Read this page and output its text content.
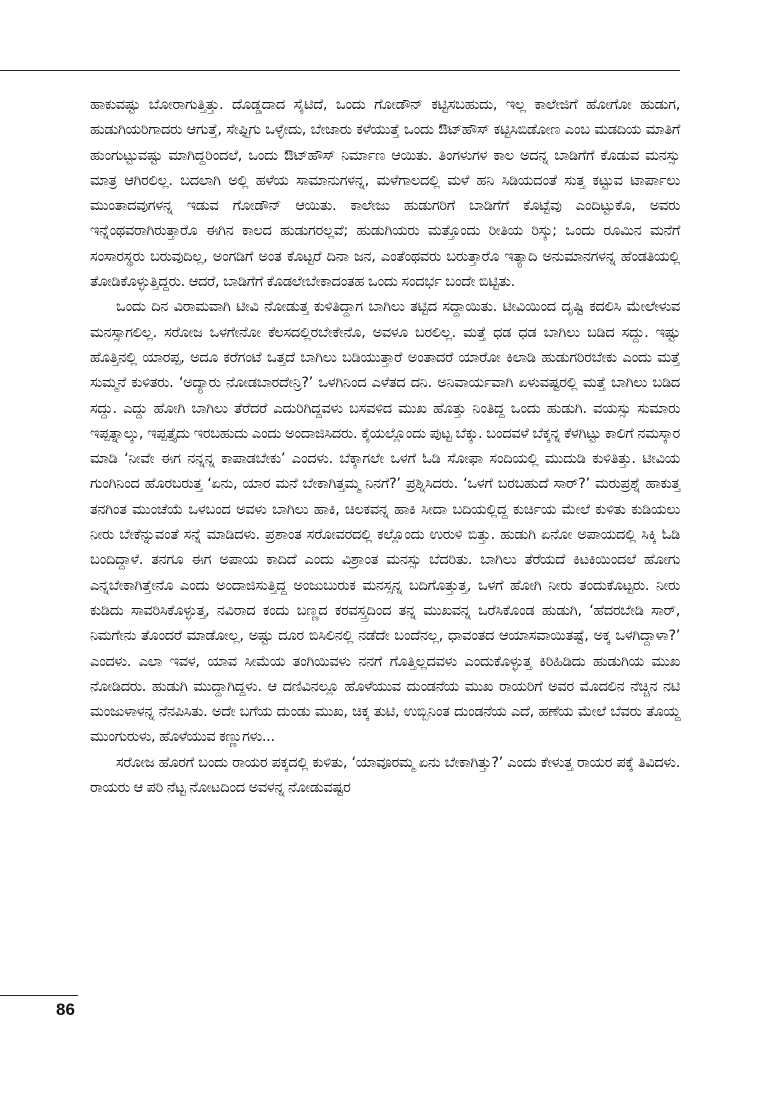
ಹಾಕುವಷ್ಟು ಬೋರಾಗುತ್ತಿತ್ತು. ದೊಡ್ಡದಾದ ಸೈಟಿದೆ, ಒಂದು ಗೋಡೌನ್ ಕಟ್ಟಿಸಬಹುದು, ಇಲ್ಲ ಕಾಲೇಜಿಗೆ ಹೋಗೋ ಹುಡುಗ, ಹುಡುಗಿಯರಿಗಾದರು ಆಗುತ್ತೆ, ಸೇಫ್ಟಿಗು ಒಳ್ಳೇದು, ಬೇಜಾರು ಕಳೆಯುತ್ತೆ ಒಂದು ಔಟ್‌ಹೌಸ್ ಕಟ್ಟಿಸಿಬಿಡೋಣ ಎಂಬ ಮಡದಿಯ ಮಾತಿಗೆ ಹುಂಗುಟ್ಟುವಷ್ಟು ಮಾಗಿದ್ದರಿಂದಲೆ, ಒಂದು ಔಟ್‌ಹೌಸ್ ನಿರ್ಮಾಣ ಆಯಿತು. ತಿಂಗಳುಗಳ ಕಾಲ ಅದನ್ನ ಬಾಡಿಗೆಗೆ ಕೊಡುವ ಮನಸ್ಸು ಮಾತ್ರ ಆಗಿರಲಿಲ್ಲ. ಬದಲಾಗಿ ಅಲ್ಲಿ ಹಳೆಯ ಸಾಮಾನುಗಳನ್ನ, ಮಳೆಗಾಲದಲ್ಲಿ ಮಳೆ ಹನಿ ಸಿಡಿಯದಂತೆ ಸುತ್ತ ಕಟ್ಟುವ ಟಾರ್ಪಾಲು ಮುಂತಾದವುಗಳನ್ನ ಇಡುವ ಗೋಡೌನ್ ಆಯಿತು. ಕಾಲೇಜು ಹುಡುಗರಿಗೆ ಬಾಡಿಗೆಗೆ ಕೊಟ್ಟೆವು ಎಂದಿಟ್ಟುಕೊ, ಅವರು ಇನ್ನೆಂಥವರಾಗಿರುತ್ತಾರೊ ಈಗಿನ ಕಾಲದ ಹುಡುಗರಲ್ಲವೆ; ಹುಡುಗಿಯರು ಮತ್ತೊಂದು ರೀತಿಯ ರಿಸ್ಕು; ಒಂದು ರೂಮಿನ ಮನೆಗೆ ಸಂಸಾರಸ್ಥರು ಬರುವುದಿಲ್ಲ, ಅಂಗಡಿಗೆ ಅಂತ ಕೊಟ್ಟರೆ ದಿನಾ ಜನ, ಎಂತೆಂಥವರು ಬರುತ್ತಾರೊ ಇತ್ಯಾದಿ ಅನುಮಾನಗಳನ್ನ ಹೆಂಡತಿಯಲ್ಲಿ ತೋಡಿಕೊಳ್ಳುತ್ತಿದ್ದರು. ಆದರೆ, ಬಾಡಿಗೆಗೆ ಕೊಡಲೇಬೇಕಾದಂತಹ ಒಂದು ಸಂದರ್ಭ ಬಂದೇ ಬಿಟ್ಟಿತು.

ಒಂದು ದಿನ ವಿರಾಮವಾಗಿ ಟೀವಿ ನೋಡುತ್ತ ಕುಳಿತಿದ್ದಾಗ ಬಾಗಿಲು ತಟ್ಟಿದ ಸದ್ದಾಯಿತು. ಟೀವಿಯಿಂದ ದೃಷ್ಟಿ ಕದಲಿಸಿ ಮೇಲೇಳುವ ಮನಸ್ಸಾಗಲಿಲ್ಲ. ಸರೋಜ ಒಳಗೇನೋ ಕೆಲಸದಲ್ಲಿರಬೇಕೇನೊ, ಅವಳೂ ಬರಲಿಲ್ಲ. ಮತ್ತೆ ಧಡ ಧಡ ಬಾಗಿಲು ಬಡಿದ ಸದ್ದು. ಇಷ್ಟು ಹೊತ್ತಿನಲ್ಲಿ ಯಾರಪ್ಪ, ಅದೂ ಕರೆಗಂಟೆ ಒತ್ತದೆ ಬಾಗಿಲು ಬಡಿಯುತ್ತಾರೆ ಅಂತಾದರೆ ಯಾರೋ ಕಿಲಾಡಿ ಹುಡುಗರಿರಬೇಕು ಎಂದು ಮತ್ತೆ ಸುಮ್ಮನೆ ಕುಳಿತರು. ‘ಅದ್ಯಾರು ನೋಡಬಾರದೇನ್ರಿ?’ ಒಳಗಿನಿಂದ ಎಳೆತದ ದನಿ. ಅನಿವಾರ್ಯವಾಗಿ ಏಳುವಷ್ಟರಲ್ಲಿ ಮತ್ತೆ ಬಾಗಿಲು ಬಡಿದ ಸದ್ದು. ಎದ್ದು ಹೋಗಿ ಬಾಗಿಲು ತೆರೆದರೆ ಎದುರಿಗಿದ್ದವಳು ಬಸವಳಿದ ಮುಖ ಹೊತ್ತು ನಿಂತಿದ್ದ ಒಂದು ಹುಡುಗಿ. ವಯಸ್ಸು ಸುಮಾರು ಇಪ್ಪತ್ನಾಲ್ಕು, ಇಪ್ಪತ್ತೈದು ಇರಬಹುದು ಎಂದು ಅಂದಾಜಿಸಿದರು. ಕೈಯಲ್ಲೊಂದು ಪುಟ್ಟ ಬೆಕ್ಕು. ಬಂದವಳೆ ಬೆಕ್ಕನ್ನ ಕೆಳಗಿಟ್ಟು ಕಾಲಿಗೆ ನಮಸ್ಕಾರ ಮಾಡಿ ‘ನೀವೇ ಈಗ ನನ್ನನ್ನ ಕಾಪಾಡಬೇಕು’ ಎಂದಳು. ಬೆಕ್ಕಾಗಲೇ ಒಳಗೆ ಓಡಿ ಸೋಫಾ ಸಂದಿಯಲ್ಲಿ ಮುದುಡಿ ಕುಳಿತಿತ್ತು. ಟೀವಿಯ ಗುಂಗಿನಿಂದ ಹೊರಬರುತ್ತ ‘ಏನು, ಯಾರ ಮನೆ ಬೇಕಾಗಿತ್ತಮ್ಮ ನಿನಗೆ?’ ಪ್ರಶ್ನಿಸಿದರು. ‘ಒಳಗೆ ಬರಬಹುದೆ ಸಾರ್?’ ಮರುಪ್ರಶ್ನೆ ಹಾಕುತ್ತ ತನಗಿಂತ ಮುಂಚೆಯೆ ಒಳಬಂದ ಅವಳು ಬಾಗಿಲು ಹಾಕಿ, ಚಿಲಕವನ್ನ ಹಾಕಿ ಸೀದಾ ಬದಿಯಲ್ಲಿದ್ದ ಕುರ್ಚಿಯ ಮೇಲೆ ಕುಳಿತು ಕುಡಿಯಲು ನೀರು ಬೇಕೆನ್ನುವಂತೆ ಸನ್ನೆ ಮಾಡಿದಳು. ಪ್ರಶಾಂತ ಸರೋವರದಲ್ಲಿ ಕಲ್ಲೊಂದು ಉರುಳಿ ಬಿತ್ತು. ಹುಡುಗಿ ಏನೋ ಅಪಾಯದಲ್ಲಿ ಸಿಕ್ಕಿ ಓಡಿ ಬಂದಿದ್ದಾಳೆ. ತನಗೂ ಈಗ ಅಪಾಯ ಕಾದಿದೆ ಎಂದು ವಿಶ್ರಾಂತ ಮನಸ್ಸು ಬೆದರಿತು. ಬಾಗಿಲು ತೆರೆಯದೆ ಕಿಟಕಿಯಿಂದಲೆ ಹೋಗು ಎನ್ನಬೇಕಾಗಿತ್ತೇನೊ ಎಂದು ಅಂದಾಜಿಸುತ್ತಿದ್ದ ಅಂಜುಬುರುಕ ಮನಸ್ಸನ್ನ ಬದಿಗೊತ್ತುತ್ತ, ಒಳಗೆ ಹೋಗಿ ನೀರು ತಂದುಕೊಟ್ಟರು. ನೀರು ಕುಡಿದು ಸಾವರಿಸಿಕೊಳ್ಳುತ್ತ, ನವಿರಾದ ಕಂದು ಬಣ್ಣದ ಕರವಸ್ತ್ರದಿಂದ ತನ್ನ ಮುಖವನ್ನ ಒರೆಸಿಕೊಂಡ ಹುಡುಗಿ, ‘ಹೆದರಬೇಡಿ ಸಾರ್, ನಿಮಗೇನು ತೊಂದರೆ ಮಾಡೋಲ್ಲ, ಅಷ್ಟು ದೂರ ಬಿಸಿಲಿನಲ್ಲಿ ನಡೆದೇ ಬಂದೆನಲ್ಲ, ಧಾವಂತದ ಆಯಾಸವಾಯಿತಷ್ಟೆ, ಅಕ್ಕ ಒಳಗಿದ್ದಾಳಾ?’ ಎಂದಳು. ಎಲಾ ಇವಳ, ಯಾವ ಸೀಮೆಯ ತಂಗಿಯಿವಳು ನನಗೆ ಗೊತ್ತಿಲ್ಲದವಳು ಎಂದುಕೊಳ್ಳುತ್ತ ಕಿರಿಹಿಡಿದು ಹುಡುಗಿಯ ಮುಖ ನೋಡಿದರು. ಹುಡುಗಿ ಮುದ್ದಾಗಿದ್ದಳು. ಆ ದಣಿವಿನಲ್ಲೂ ಹೊಳೆಯುವ ದುಂಡನೆಯ ಮುಖ ರಾಯರಿಗೆ ಅವರ ಮೊದಲಿನ ನೆಚ್ಚಿನ ನಟಿ ಮಂಜುಳಾಳನ್ನ ನೆನಪಿಸಿತು. ಅದೇ ಬಗೆಯ ದುಂಡು ಮುಖ, ಚಿಕ್ಕ ತುಟಿ, ಉಬ್ಬಿನಿಂತ ದುಂಡನೆಯ ಎದೆ, ಹಣೆಯ ಮೇಲೆ ಬೆವರು ತೊಯ್ದ ಮುಂಗುರುಳು, ಹೊಳೆಯುವ ಕಣ್ಣುಗಳು...

ಸರೋಜ ಹೊರಗೆ ಬಂದು ರಾಯರ ಪಕ್ಕದಲ್ಲಿ ಕುಳಿತು, ‘ಯಾವೂರಮ್ಮ ಏನು ಬೇಕಾಗಿತ್ತು?’ ಎಂದು ಕೇಳುತ್ತ ರಾಯರ ಪಕ್ಕೆ ತಿವಿದಳು. ರಾಯರು ಆ ಪರಿ ನೆಟ್ಟ ನೋಟದಿಂದ ಅವಳನ್ನ ನೋಡುವಷ್ಟರ

86
